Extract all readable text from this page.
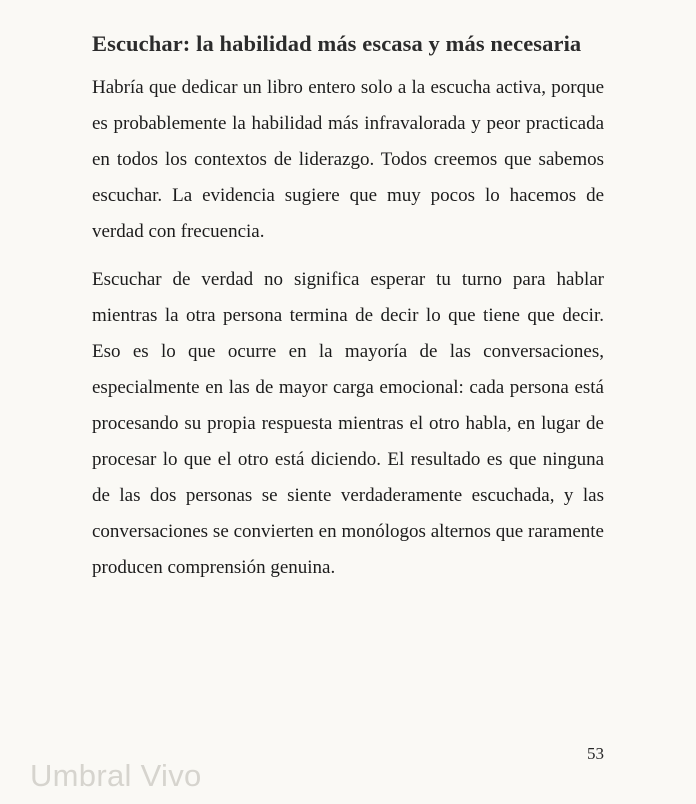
Escuchar: la habilidad más escasa y más necesaria

Habría que dedicar un libro entero solo a la escucha activa, porque es probablemente la habilidad más infravalorada y peor practicada en todos los contextos de liderazgo. Todos creemos que sabemos escuchar. La evidencia sugiere que muy pocos lo hacemos de verdad con frecuencia.

Escuchar de verdad no significa esperar tu turno para hablar mientras la otra persona termina de decir lo que tiene que decir. Eso es lo que ocurre en la mayoría de las conversaciones, especialmente en las de mayor carga emocional: cada persona está procesando su propia respuesta mientras el otro habla, en lugar de procesar lo que el otro está diciendo. El resultado es que ninguna de las dos personas se siente verdaderamente escuchada, y las conversaciones se convierten en monólogos alternos que raramente producen comprensión genuina.

53
Umbral Vivo
